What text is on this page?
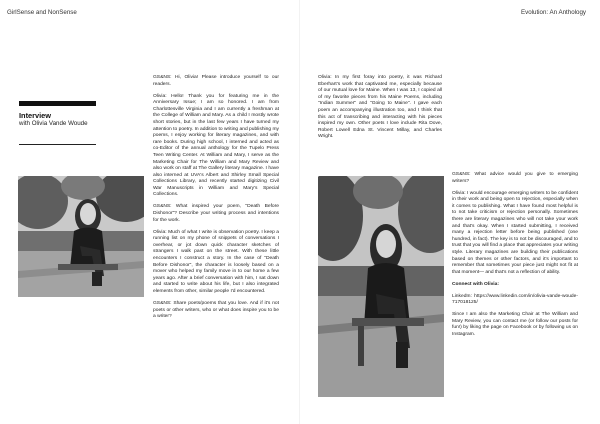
GirlSense and NonSense
Interview
with Olivia Vande Woude

GS&NS: Hi, Olivia! Please introduce yourself to our readers.

Olivia: Hello! Thank you for featuring me in the Anniversary Issue; I am so honored. I am from Charlottesville Virginia and I am currently a freshman at the College of William and Mary. As a child I mostly wrote short stories, but in the last few years I have turned my attention to poetry. In addition to writing and publishing my poems, I enjoy working for literary magazines, and with rare books. During high school, I interned and acted as co-Editor of the annual anthology for the Tupelo Press Teen Writing Center. At William and Mary, I serve as the Marketing Chair for The William and Mary Review and also work on staff at The Gallery literary magazine. I have also interned at UVA's Albert and Shirley Small Special Collections Library, and recently started digitizing Civil War Manuscripts in William and Mary's Special Collections.

GS&NS: What inspired your poem, "Death Before Dishonor"? Describe your writing process and intentions for the work.

Olivia: Much of what I write is observation poetry. I keep a running list on my phone of snippets of conversations I overhear, or jot down quick character sketches of strangers I walk past on the street. With these little encounters I construct a story. In the case of "Death Before Dishonor", the character is loosely based on a mover who helped my family move in to our home a few years ago. After a brief conversation with him, I sat down and started to write about his life, but I also integrated elements from other, similar people I'd encountered.

GS&NS: Share poets/poems that you love. And if it's not poets or other writers, who or what does inspire you to be a writer?

Evolution: An Anthology

Olivia: In my first foray into poetry, it was Richard Eberhart's work that captivated me, especially because of our mutual love for Maine. When I was 13, I copied all of my favorite pieces from his Maine Poems, including "Indian Summer" and "Going to Maine". I gave each poem an accompanying illustration too, and I think that this act of transcribing and interacting with his pieces inspired my own. Other poets I love include Rita Dove, Robert Lowell Edna St. Vincent Millay, and Charles Wright.

GS&NS: What advice would you give to emerging writers?

Olivia: I would encourage emerging writers to be confident in their work and being open to rejection, especially when it comes to publishing. What I have found most helpful is to not take criticism or rejection personally. Sometimes there are literary magazines who will not take your work and that's okay. When I started submitting, I received many a rejection letter before being published (one hundred, in fact). The key is to not be discouraged, and to trust that you will find a place that appreciates your writing style. Literary magazines are building their publications based on themes or other factors, and it's important to remember that sometimes your piece just might not fit at that moment— and that's not a reflection of ability.

Connect with Olivia:

LinkedIn: https://www.linkedin.com/in/olivia-vande-woude-717018125/

Since I am also the Marketing Chair at The William and Mary Review, you can contact me (or follow our posts for fun!) by liking the page on Facebook or by following us on Instagram.
